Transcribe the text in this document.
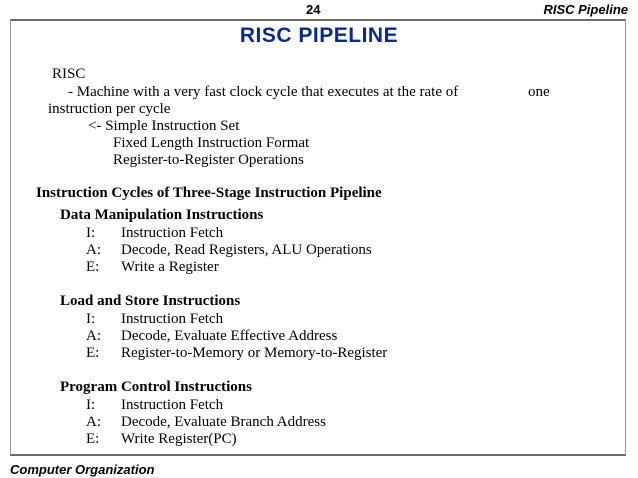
24	RISC Pipeline
RISC PIPELINE
RISC
- Machine with a very fast clock cycle that executes at the rate of	one
instruction per cycle
<- Simple Instruction Set
Fixed Length Instruction Format
Register-to-Register Operations
Instruction Cycles of Three-Stage Instruction Pipeline
Data Manipulation Instructions
I: Instruction Fetch
A: Decode, Read Registers, ALU Operations
E: Write a Register
Load and Store Instructions
I: Instruction Fetch
A: Decode, Evaluate Effective Address
E: Register-to-Memory or Memory-to-Register
Program Control Instructions
I: Instruction Fetch
A: Decode, Evaluate Branch Address
E: Write Register(PC)
Computer Organization
